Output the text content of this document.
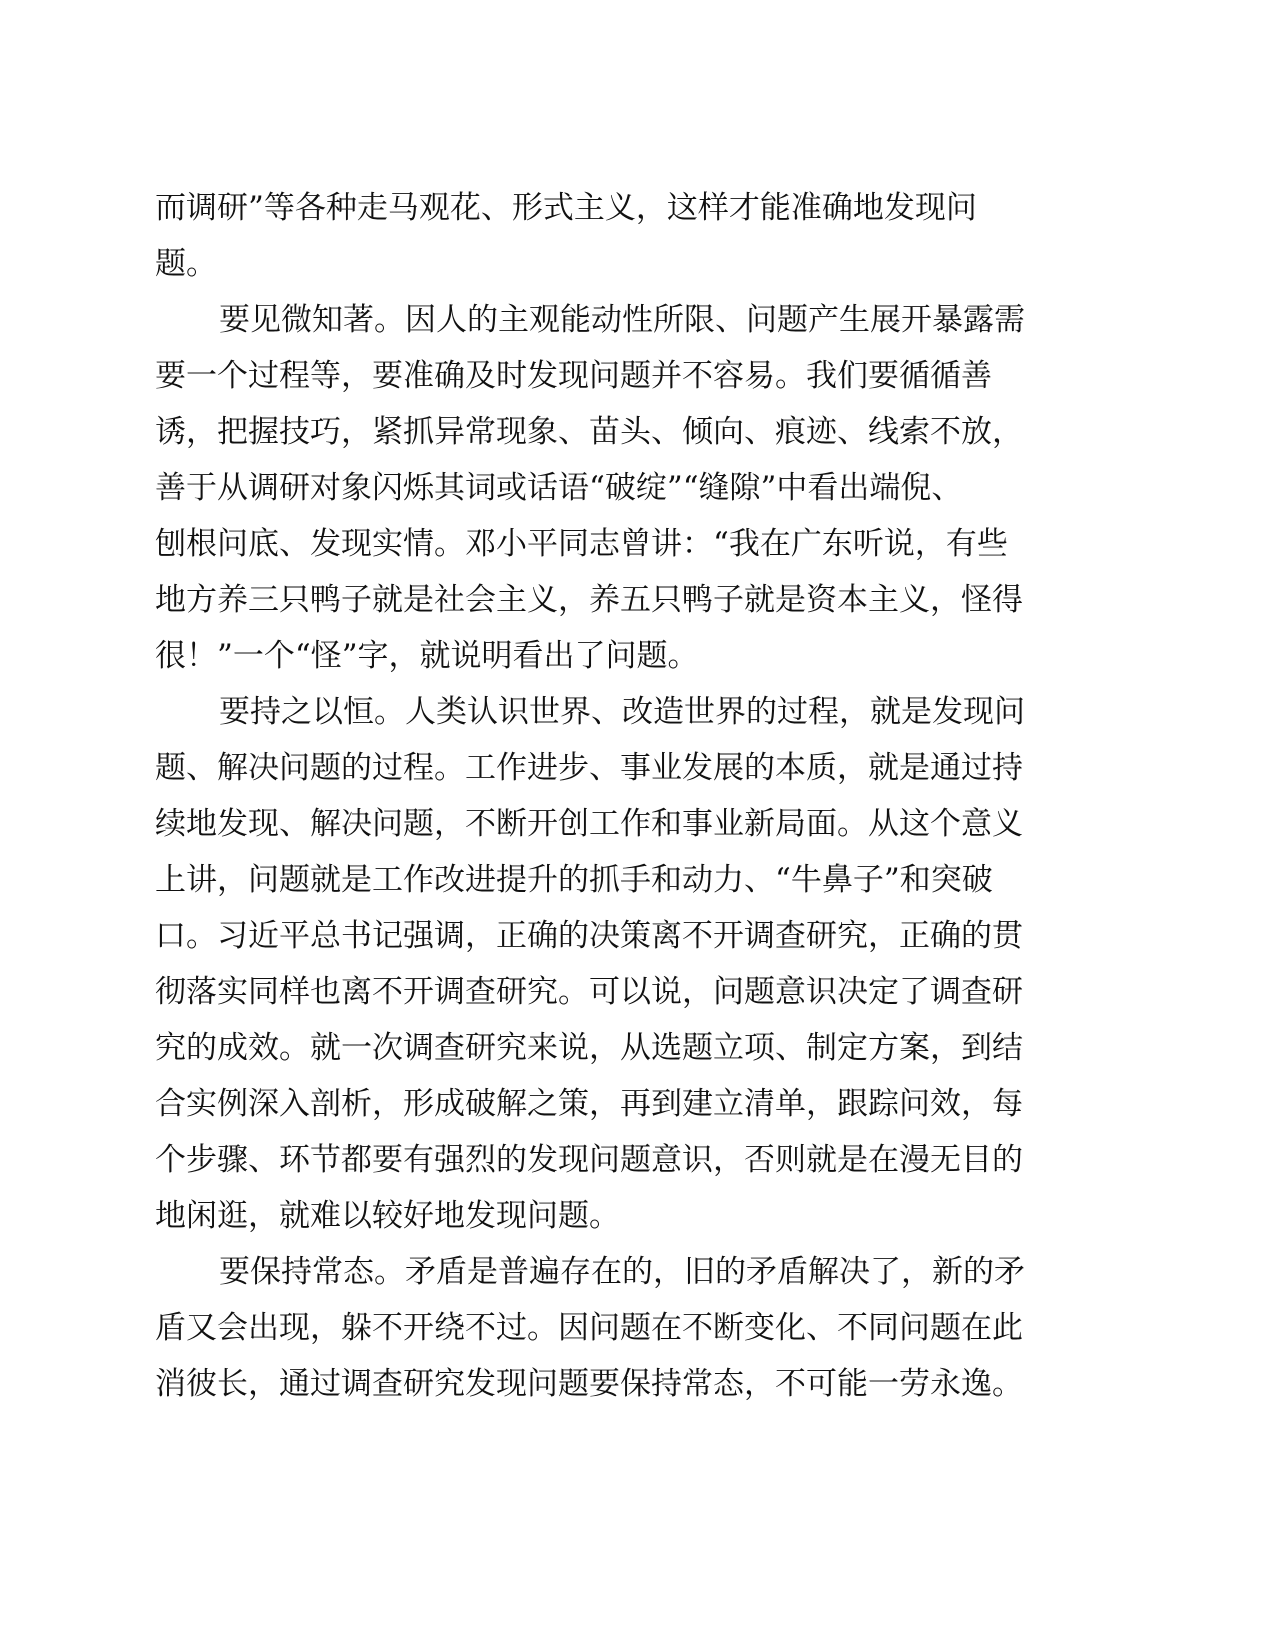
而调研”等各种走马观花、形式主义，这样才能准确地发现问
题。
要见微知著。因人的主观能动性所限、问题产生展开暴露需
要一个过程等，要准确及时发现问题并不容易。我们要循循善
诱，把握技巧，紧抓异常现象、苗头、倾向、痕迹、线索不放，
善于从调研对象闪烁其词或话语“破绽”“缝隙”中看出端倪、
刨根问底、发现实情。邓小平同志曾讲：“我在广东听说，有些
地方养三只鸭子就是社会主义，养五只鸭子就是资本主义，怪得
很！”一个“怪”字，就说明看出了问题。
要持之以恒。人类认识世界、改造世界的过程，就是发现问
题、解决问题的过程。工作进步、事业发展的本质，就是通过持
续地发现、解决问题，不断开创工作和事业新局面。从这个意义
上讲，问题就是工作改进提升的抓手和动力、“牛鼻子”和突破
口。习近平总书记强调，正确的决策离不开调查研究，正确的贯
彻落实同样也离不开调查研究。可以说，问题意识决定了调查研
究的成效。就一次调查研究来说，从选题立项、制定方案，到结
合实例深入剖析，形成破解之策，再到建立清单，跟踪问效，每
个步骤、环节都要有强烈的发现问题意识，否则就是在漫无目的
地闲逛，就难以较好地发现问题。
要保持常态。矛盾是普遍存在的，旧的矛盾解决了，新的矛
盾又会出现，躲不开绕不过。因问题在不断变化、不同问题在此
消彼长，通过调查研究发现问题要保持常态，不可能一劳永逸。
